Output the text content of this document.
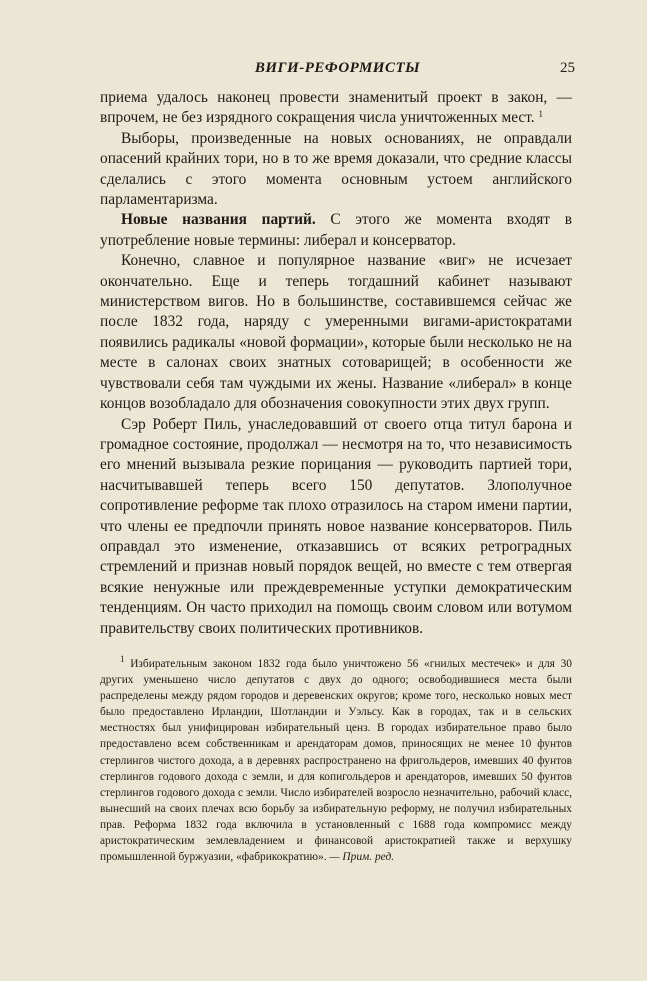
ВИГИ-РЕФОРМИСТЫ	25

приема удалось наконец провести знаменитый проект в закон, — впрочем, не без изрядного сокращения числа уничтоженных мест. $^1$

Выборы, произведенные на новых основаниях, не оправдали опасений крайних тори, но в то же время доказали, что средние классы сделались с этого момента основным устоем английского парламентаризма.

Новые названия партий. С этого же момента входят в употребление новые термины: либерал и консерватор.

Конечно, славное и популярное название «виг» не исчезает окончательно. Еще и теперь тогдашний кабинет называют министерством вигов. Но в большинстве, составившемся сейчас же после 1832 года, наряду с умеренными вигами-аристократами появились радикалы «новой формации», которые были несколько не на месте в салонах своих знатных сотоварищей; в особенности же чувствовали себя там чуждыми их жены. Название «либерал» в конце концов возобладало для обозначения совокупности этих двух групп.

Сэр Роберт Пиль, унаследовавший от своего отца титул барона и громадное состояние, продолжал — несмотря на то, что независимость его мнений вызывала резкие порицания — руководить партией тори, насчитывавшей теперь всего 150 депутатов. Злополучное сопротивление реформе так плохо отразилось на старом имени партии, что члены ее предпочли принять новое название консерваторов. Пиль оправдал это изменение, отказавшись от всяких ретроградных стремлений и признав новый порядок вещей, но вместе с тем отвергая всякие ненужные или преждевременные уступки демократическим тенденциям. Он часто приходил на помощь своим словом или вотумом правительству своих политических противников.

$^1$ Избирательным законом 1832 года было уничтожено 56 «гнилых местечек» и для 30 других уменьшено число депутатов с двух до одного; освободившиеся места были распределены между рядом городов и деревенских округов; кроме того, несколько новых мест было предоставлено Ирландии, Шотландии и Уэльсу. Как в городах, так и в сельских местностях был унифицирован избирательный ценз. В городах избирательное право было предоставлено всем собственникам и арендаторам домов, приносящих не менее 10 фунтов стерлингов чистого дохода, а в деревнях распространено на фригольдеров, имевших 40 фунтов стерлингов годового дохода с земли, и для копигольдеров и арендаторов, имевших 50 фунтов стерлингов годового дохода с земли. Число избирателей возросло незначительно, рабочий класс, вынесший на своих плечах всю борьбу за избирательную реформу, не получил избирательных прав. Реформа 1832 года включила в установленный с 1688 года компромисс между аристократическим землевладением и финансовой аристократией также и верхушку промышленной буржуазии, «фабрикократию». — Прим. ред.
